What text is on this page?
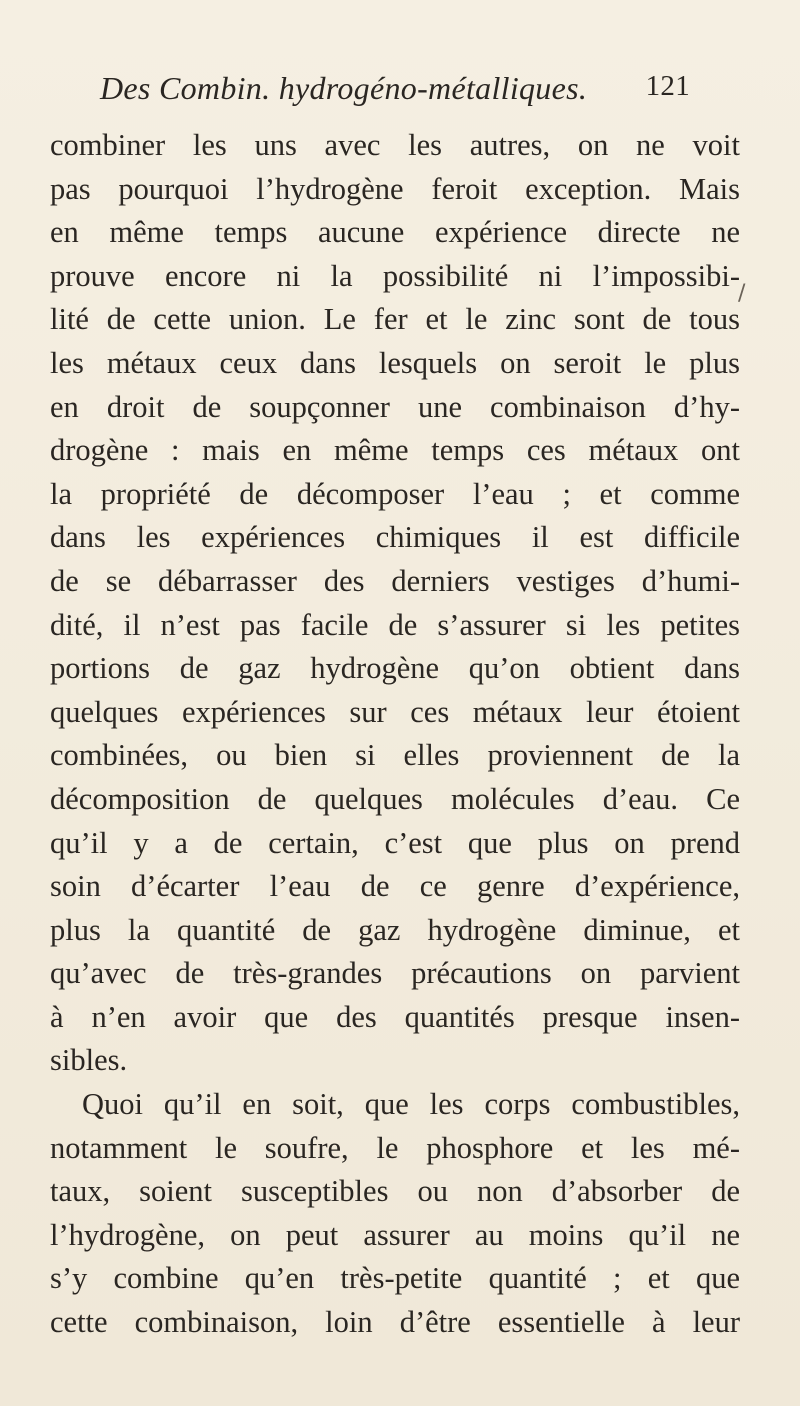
Des Combin. hydrogéno-métalliques. 121
/
combiner les uns avec les autres, on ne voit
pas pourquoi l’hydrogène feroit exception. Mais
en même temps aucune expérience directe ne
prouve encore ni la possibilité ni l’impossibi-
lité de cette union. Le fer et le zinc sont de tous
les métaux ceux dans lesquels on seroit le plus
en droit de soupçonner une combinaison d’hy-
drogène : mais en même temps ces métaux ont
la propriété de décomposer l’eau ; et comme
dans les expériences chimiques il est difficile
de se débarrasser des derniers vestiges d’humi-
dité, il n’est pas facile de s’assurer si les petites
portions de gaz hydrogène qu’on obtient dans
quelques expériences sur ces métaux leur étoient
combinées, ou bien si elles proviennent de la
décomposition de quelques molécules d’eau. Ce
qu’il y a de certain, c’est que plus on prend
soin d’écarter l’eau de ce genre d’expérience,
plus la quantité de gaz hydrogène diminue, et
qu’avec de très-grandes précautions on parvient
à n’en avoir que des quantités presque insen-
sibles.
Quoi qu’il en soit, que les corps combustibles,
notamment le soufre, le phosphore et les mé-
taux, soient susceptibles ou non d’absorber de
l’hydrogène, on peut assurer au moins qu’il ne
s’y combine qu’en très-petite quantité ; et que
cette combinaison, loin d’être essentielle à leur
